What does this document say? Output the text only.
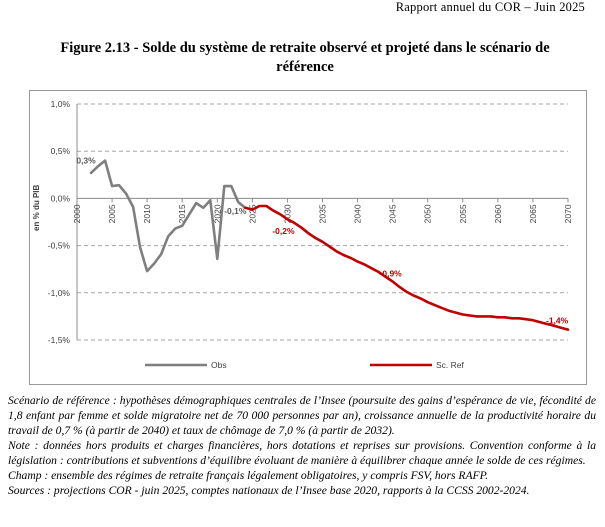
Rapport annuel du COR – Juin 2025
Figure 2.13 - Solde du système de retraite observé et projeté dans le scénario de référence
1,0%
0,5%
0,0%
-0,5%
-1,0%
-1,5%
2000	2005	2010	2015	2020	2025	2030	2035	2040	2045	2050	2055	2060	2065	2070
en % du PIB
0,3%
-0,1%
-0,2%
-0,9%
-1,4%
Obs	Sc. Ref

Scénario de référence : hypothèses démographiques centrales de l’Insee (poursuite des gains d’espérance de vie, fécondité de 1,8 enfant par femme et solde migratoire net de 70 000 personnes par an), croissance annuelle de la productivité horaire du travail de 0,7 % (à partir de 2040) et taux de chômage de 7,0 % (à partir de 2032).

Note : données hors produits et charges financières, hors dotations et reprises sur provisions. Convention conforme à la législation : contributions et subventions d’équilibre évoluant de manière à équilibrer chaque année le solde de ces régimes.

Champ : ensemble des régimes de retraite français légalement obligatoires, y compris FSV, hors RAFP.

Sources : projections COR - juin 2025, comptes nationaux de l’Insee base 2020, rapports à la CCSS 2002-2024.
